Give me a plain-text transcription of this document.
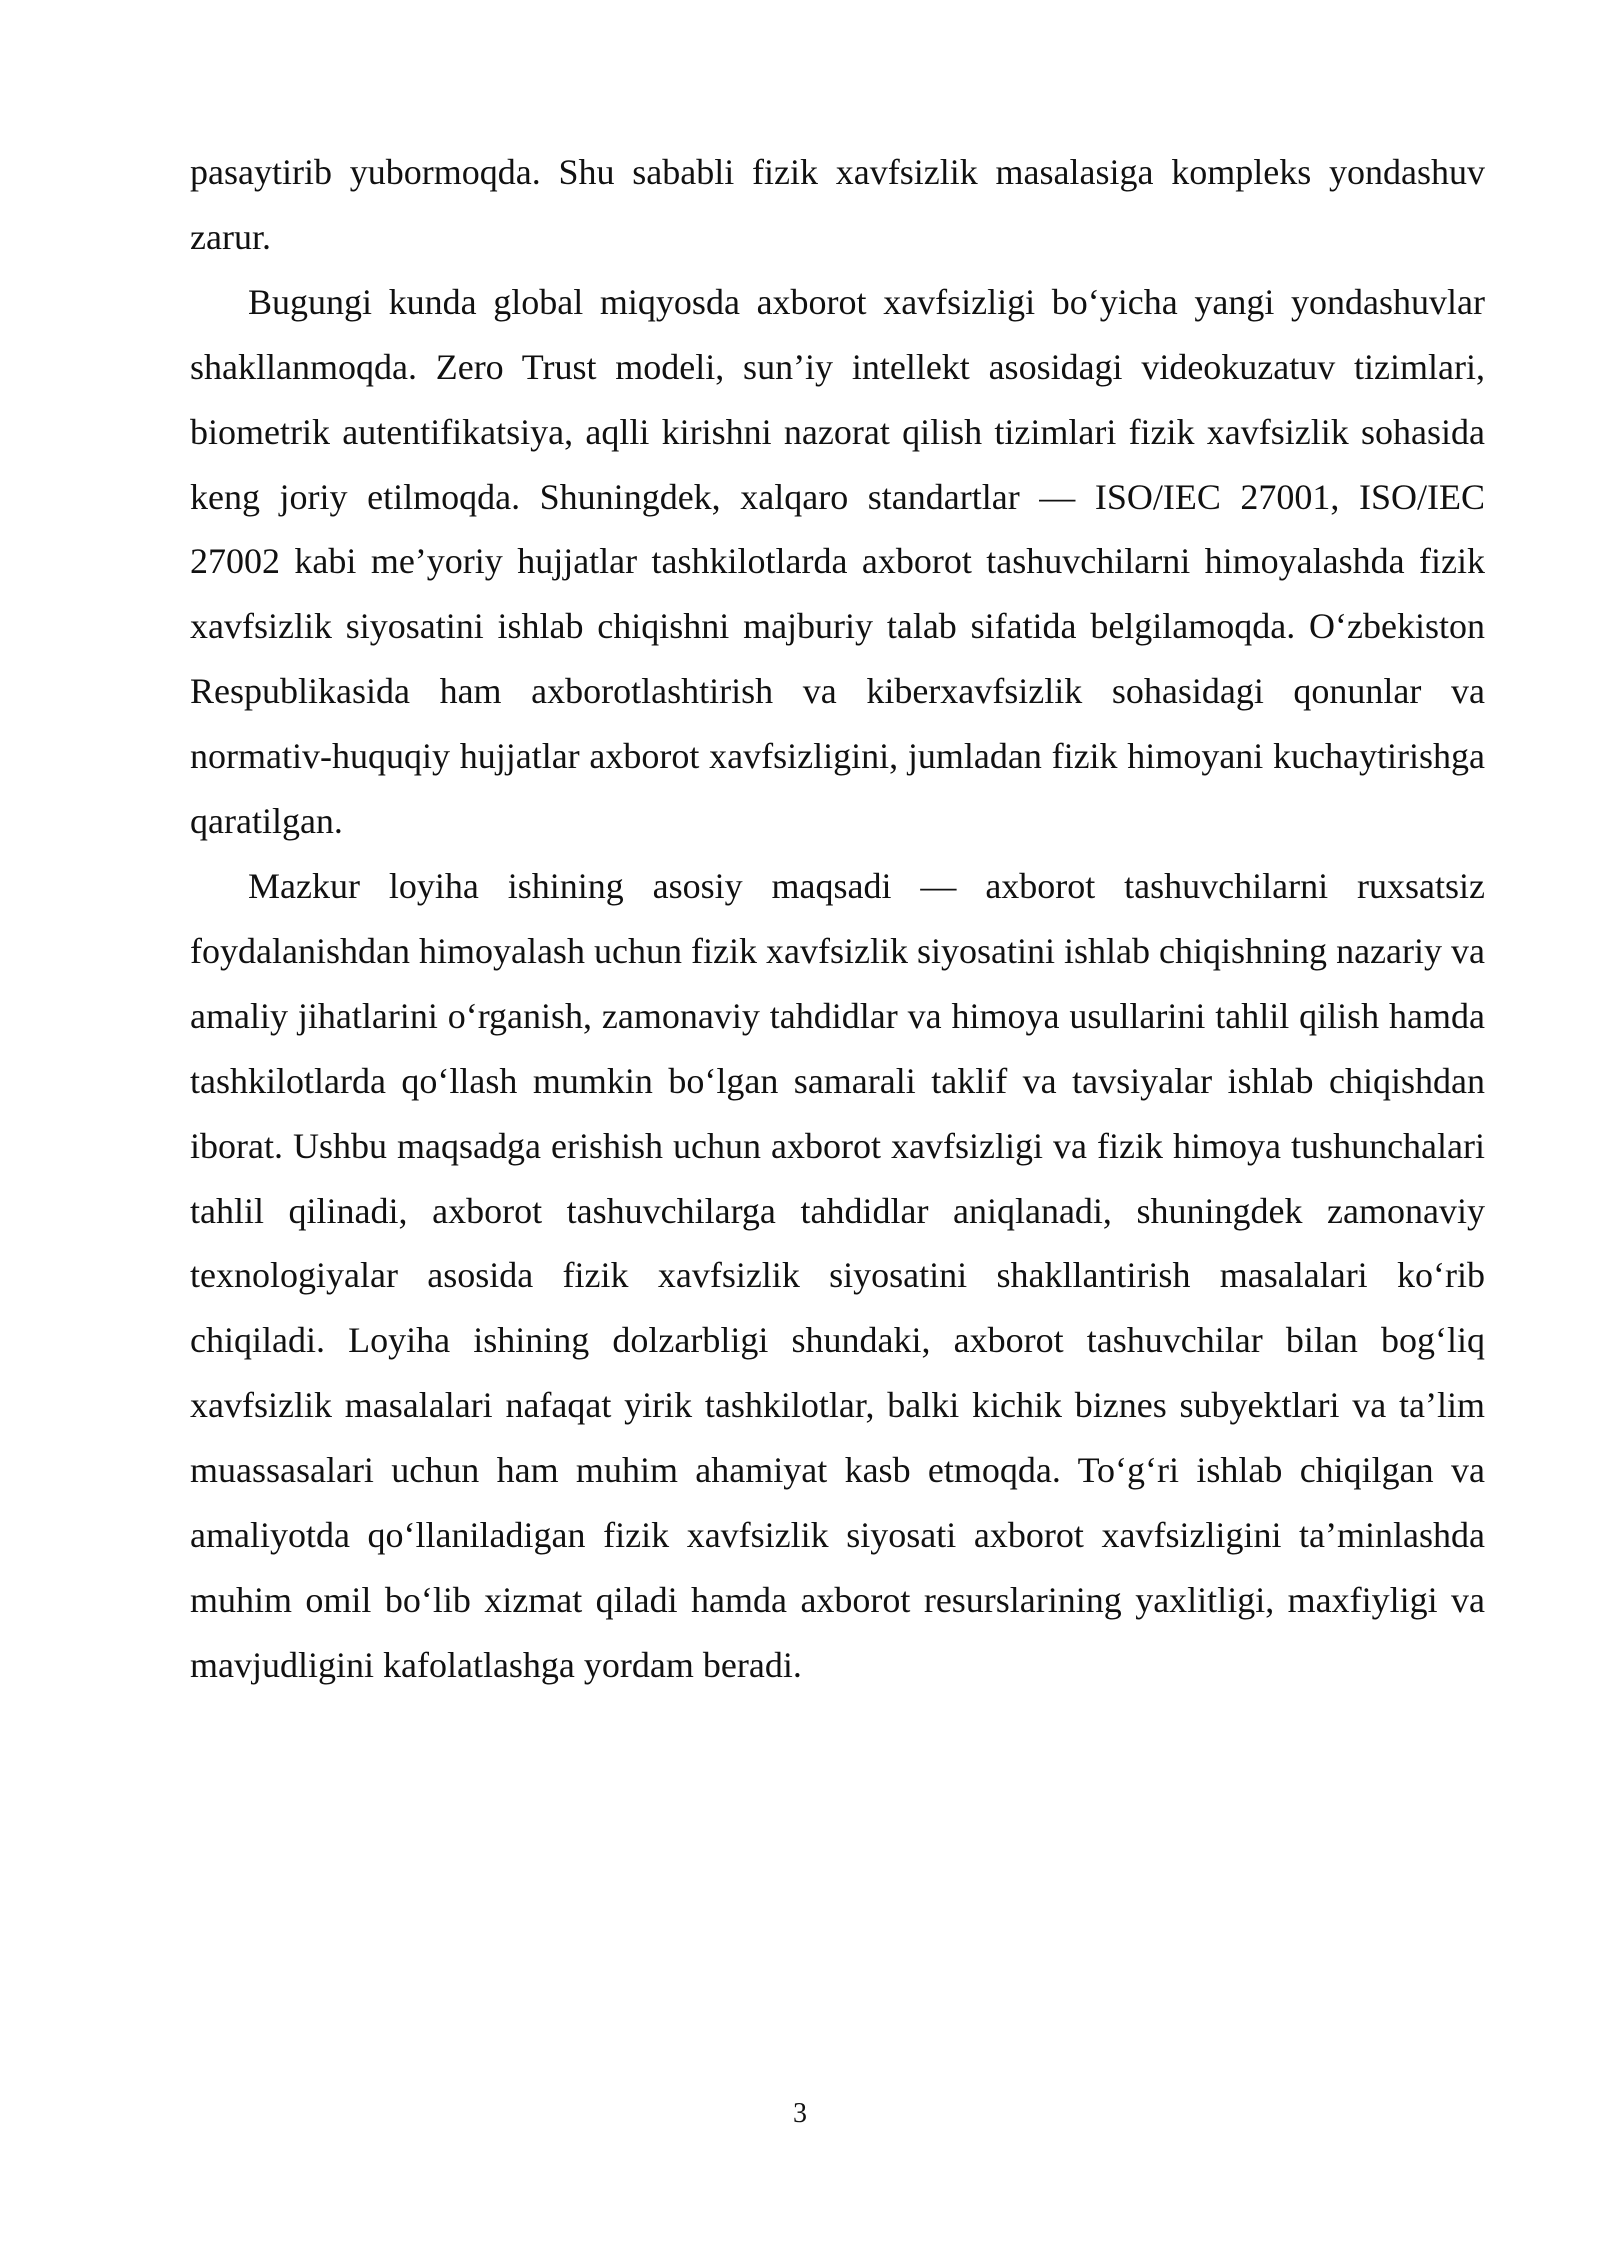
pasaytirib yubormoqda. Shu sababli fizik xavfsizlik masalasiga kompleks yondashuv zarur.

Bugungi kunda global miqyosda axborot xavfsizligi bo‘yicha yangi yondashuvlar shakllanmoqda. Zero Trust modeli, sun’iy intellekt asosidagi videokuzatuv tizimlari, biometrik autentifikatsiya, aqlli kirishni nazorat qilish tizimlari fizik xavfsizlik sohasida keng joriy etilmoqda. Shuningdek, xalqaro standartlar — ISO/IEC 27001, ISO/IEC 27002 kabi me’yoriy hujjatlar tashkilotlarda axborot tashuvchilarni himoyalashda fizik xavfsizlik siyosatini ishlab chiqishni majburiy talab sifatida belgilamoqda. O‘zbekiston Respublikasida ham axborotlashtirish va kiberxavfsizlik sohasidagi qonunlar va normativ-huquqiy hujjatlar axborot xavfsizligini, jumladan fizik himoyani kuchaytirishga qaratilgan.

Mazkur loyiha ishining asosiy maqsadi — axborot tashuvchilarni ruxsatsiz foydalanishdan himoyalash uchun fizik xavfsizlik siyosatini ishlab chiqishning nazariy va amaliy jihatlarini o‘rganish, zamonaviy tahdidlar va himoya usullarini tahlil qilish hamda tashkilotlarda qo‘llash mumkin bo‘lgan samarali taklif va tavsiyalar ishlab chiqishdan iborat. Ushbu maqsadga erishish uchun axborot xavfsizligi va fizik himoya tushunchalari tahlil qilinadi, axborot tashuvchilarga tahdidlar aniqlanadi, shuningdek zamonaviy texnologiyalar asosida fizik xavfsizlik siyosatini shakllantirish masalalari ko‘rib chiqiladi. Loyiha ishining dolzarbligi shundaki, axborot tashuvchilar bilan bog‘liq xavfsizlik masalalari nafaqat yirik tashkilotlar, balki kichik biznes subyektlari va ta’lim muassasalari uchun ham muhim ahamiyat kasb etmoqda. To‘g‘ri ishlab chiqilgan va amaliyotda qo‘llaniladigan fizik xavfsizlik siyosati axborot xavfsizligini ta’minlashda muhim omil bo‘lib xizmat qiladi hamda axborot resurslarining yaxlitligi, maxfiyligi va mavjudligini kafolatlashga yordam beradi.

3
